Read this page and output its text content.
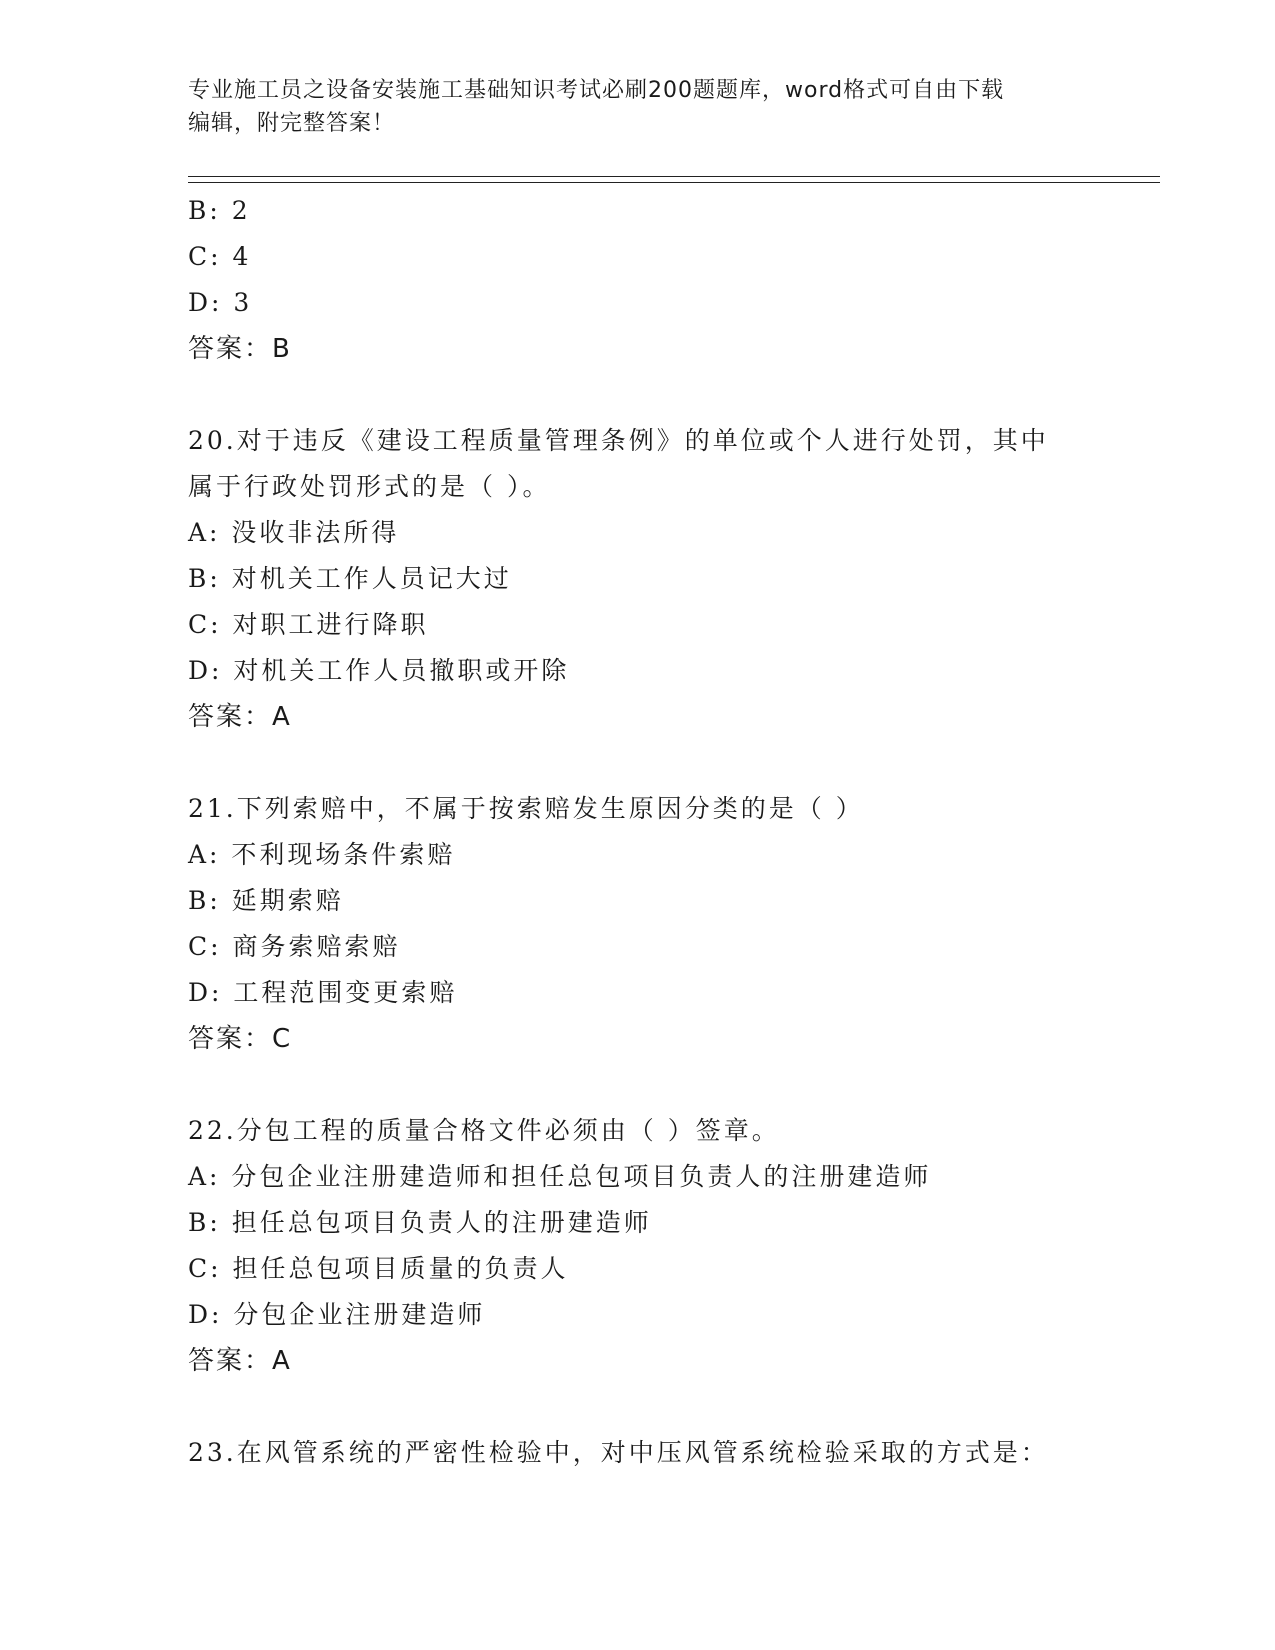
专业施工员之设备安装施工基础知识考试必刷200题题库，word格式可自由下载
编辑，附完整答案！
B: 2
C: 4
D: 3
答案：B
20.对于违反《建设工程质量管理条例》的单位或个人进行处罚，其中
属于行政处罚形式的是（ ）。
A: 没收非法所得
B: 对机关工作人员记大过
C: 对职工进行降职
D: 对机关工作人员撤职或开除
答案：A
21.下列索赔中，不属于按索赔发生原因分类的是（ ）
A: 不利现场条件索赔
B: 延期索赔
C: 商务索赔索赔
D: 工程范围变更索赔
答案：C
22.分包工程的质量合格文件必须由（ ）签章。
A: 分包企业注册建造师和担任总包项目负责人的注册建造师
B: 担任总包项目负责人的注册建造师
C: 担任总包项目质量的负责人
D: 分包企业注册建造师
答案：A
23.在风管系统的严密性检验中，对中压风管系统检验采取的方式是：
